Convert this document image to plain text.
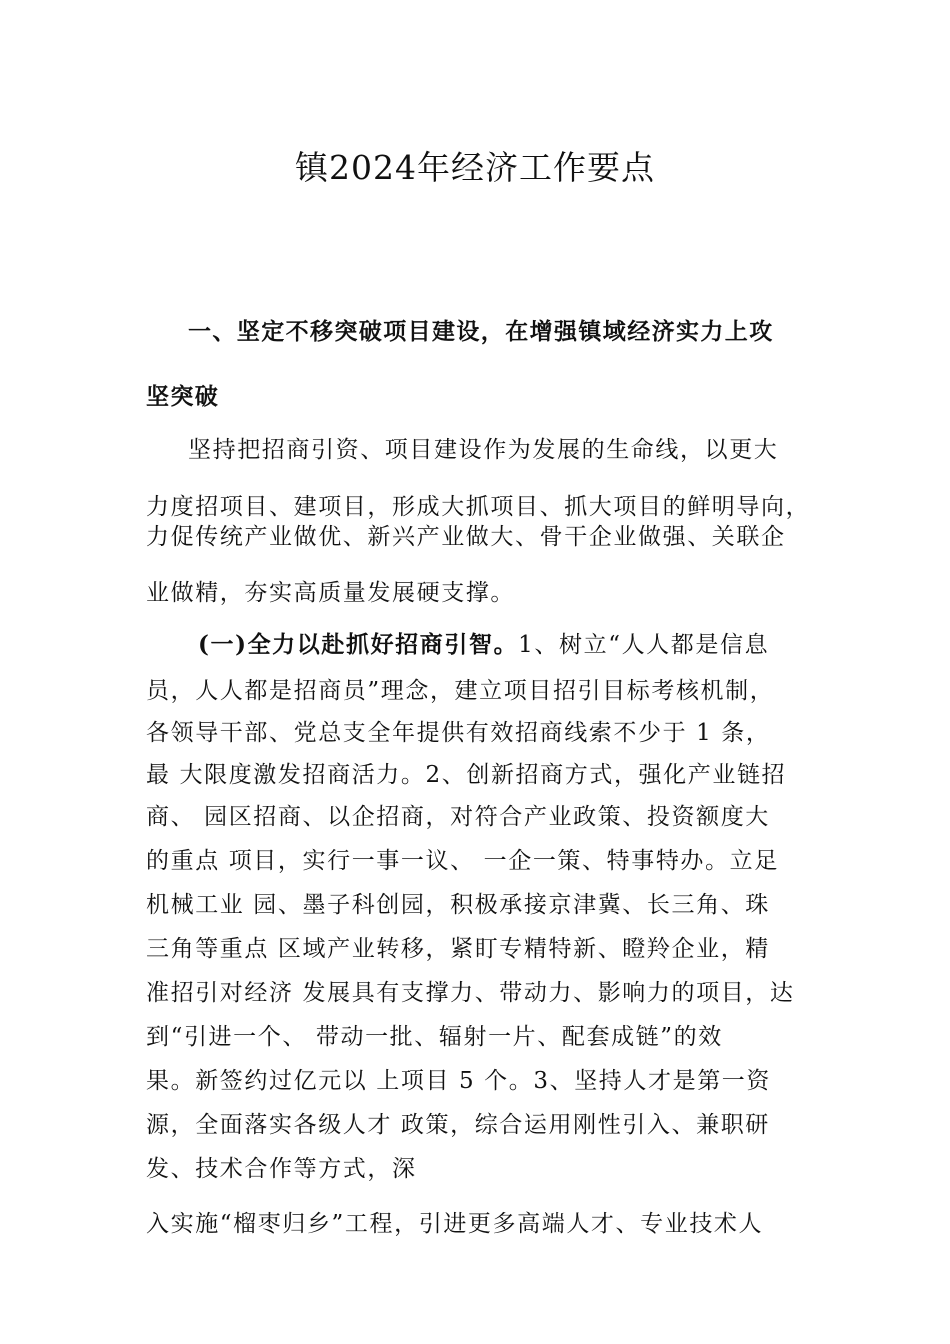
镇2024年经济工作要点
一、坚定不移突破项目建设，在增强镇域经济实力上攻
坚突破
坚持把招商引资、项目建设作为发展的生命线，以更大
力度招项目、建项目，形成大抓项目、抓大项目的鲜明导向，
力促传统产业做优、新兴产业做大、骨干企业做强、关联企
业做精，夯实高质量发展硬支撑。
(一)全力以赴抓好招商引智。1、树立“人人都是信息
员，人人都是招商员”理念，建立项目招引目标考核机制，
各领导干部、党总支全年提供有效招商线索不少于 1 条，
最 大限度激发招商活力。2、创新招商方式，强化产业链招
商、 园区招商、以企招商，对符合产业政策、投资额度大
的重点 项目，实行一事一议、 一企一策、特事特办。立足
机械工业 园、墨子科创园，积极承接京津冀、长三角、珠
三角等重点 区域产业转移，紧盯专精特新、瞪羚企业，精
准招引对经济 发展具有支撑力、带动力、影响力的项目，达
到“引进一个、 带动一批、辐射一片、配套成链”的效
果。新签约过亿元以 上项目 5 个。3、坚持人才是第一资
源，全面落实各级人才 政策，综合运用刚性引入、兼职研
发、技术合作等方式，深
入实施“榴枣归乡”工程，引进更多高端人才、专业技术人
